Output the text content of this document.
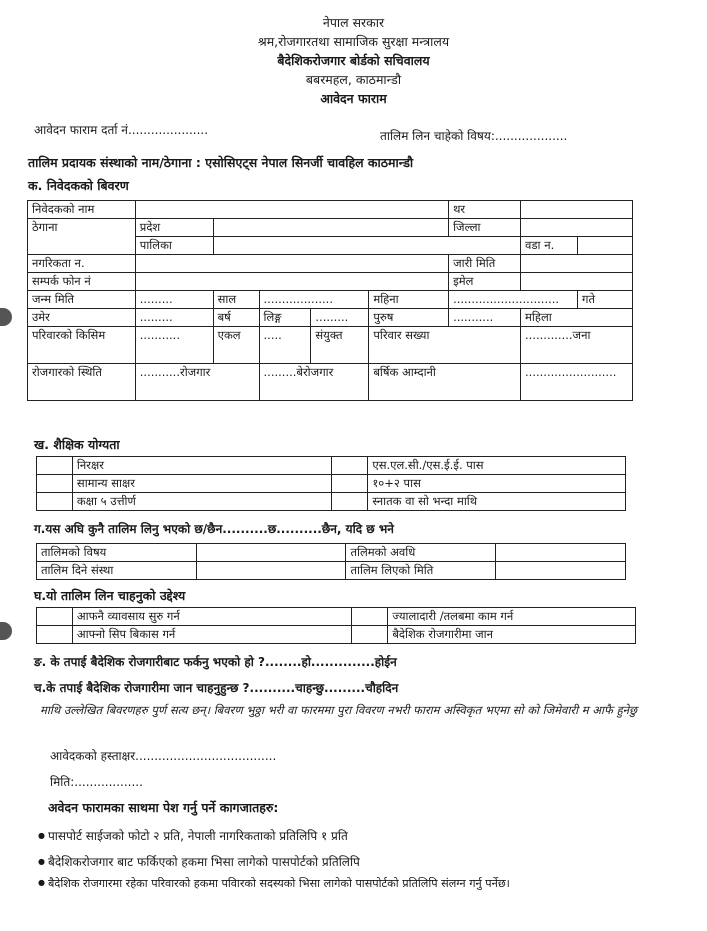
नेपाल सरकार
श्रम,रोजगारतथा सामाजिक सुरक्षा मन्त्रालय
बैदेशिकरोजगार बोर्डको सचिवालय
बबरमहल, काठमान्डौ
आवेदन फाराम
आवेदन फाराम दर्ता नं.....................	तालिम लिन चाहेको विषय:...................
तालिम प्रदायक संस्थाको नाम/ठेगाना : एसोसिएट्स नेपाल सिनर्जी चावहिल काठमान्डौ
क. निवेदकको बिवरण
निवेदकको नाम						थर		
ठेगाना	प्रदेश					जिल्ला		
	पालिका						वडा न.	
नगरिकता न.						जारी मिति		
सम्पर्क फोन नं						इमेल		
जन्म मिति	.........	साल	...................		महिना	.............................		गते
उमेर	.........	बर्ष	लिङ्ग	.........	पुरुष	...........	महिला	
परिवारको किसिम	...........	एकल	.....	संयुक्त	परिवार सख्या		.............जना	
रोजगारको स्थिति	...........रोजगार		.........बेरोजगार		बर्षिक आम्दानी		.........................	
ख. शैक्षिक योग्यता
	निरक्षर		एस.एल.सी./एस.ई.ई. पास
	सामान्य साक्षर		१०+२ पास
	कक्षा ५ उत्तीर्ण		स्नातक वा सो भन्दा माथि
ग.यस अघि कुनै तालिम लिनु भएको छ/छैन..........छ..........छैन, यदि छ भने
तालिमको विषय		तलिमको अवधि	
तालिम दिने संस्था		तालिम लिएको मिति	
घ.यो तालिम लिन चाहनुको उद्देश्य
	आफनै व्यावसाय सुरु गर्न		ज्यालादारी /तलबमा काम गर्न
	आफ्नो सिप बिकास गर्न		बैदेशिक रोजगारीमा जान
ङ. के तपाई बैदेशिक रोजगारीबाट फर्कनु भएको हो ?........हो..............होईन
च.के तपाई बैदेशिक रोजगारीमा जान चाहनुहुन्छ ?..........चाहन्छु.........चौहदिन
माथि उल्लेखित बिवरणहरु पुर्ण सत्य छन्। बिवरण भुठ्ठा भरी वा फारममा पुरा विवरण नभरी फाराम अस्विकृत भएमा सो को जिमेवारी म आफै हुनेछु
आवेदकको हस्ताक्षर.....................................
मिति:..................
अवेदन फारामका साथमा पेश गर्नु पर्ने कागजातहरु:
● पासपोर्ट साईजको फोटो २ प्रति, नेपाली नागरिकताको प्रतिलिपि १ प्रति
● बैदेशिकरोजगार बाट फर्किएको हकमा भिसा लागेको पासपोर्टको प्रतिलिपि
● बैदेशिक रोजगारमा रहेका परिवारको हकमा पविारको सदस्यको भिसा लागेको पासपोर्टको प्रतिलिपि संलग्न गर्नु पर्नेछ।
